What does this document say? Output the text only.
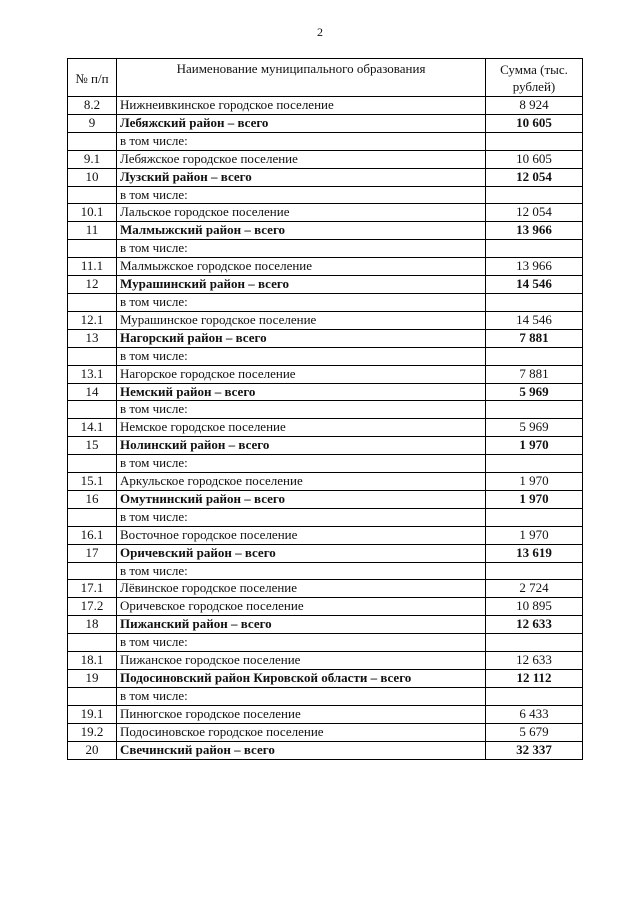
2
№ п/п	Наименование муниципального образования	Сумма (тыс. рублей)
8.2	Нижнеивкинское городское поселение	8 924
9	Лебяжский район – всего	10 605
	в том числе:	
9.1	Лебяжское городское поселение	10 605
10	Лузский район – всего	12 054
	в том числе:	
10.1	Лальское городское поселение	12 054
11	Малмыжский район – всего	13 966
	в том числе:	
11.1	Малмыжское городское поселение	13 966
12	Мурашинский район – всего	14 546
	в том числе:	
12.1	Мурашинское городское поселение	14 546
13	Нагорский район – всего	7 881
	в том числе:	
13.1	Нагорское городское поселение	7 881
14	Немский район – всего	5 969
	в том числе:	
14.1	Немское городское поселение	5 969
15	Нолинский район – всего	1 970
	в том числе:	
15.1	Аркульское городское поселение	1 970
16	Омутнинский район – всего	1 970
	в том числе:	
16.1	Восточное городское поселение	1 970
17	Оричевский район – всего	13 619
	в том числе:	
17.1	Лёвинское городское поселение	2 724
17.2	Оричевское городское поселение	10 895
18	Пижанский район – всего	12 633
	в том числе:	
18.1	Пижанское городское поселение	12 633
19	Подосиновский район Кировской области – всего	12 112
	в том числе:	
19.1	Пинюгское городское поселение	6 433
19.2	Подосиновское городское поселение	5 679
20	Свечинский район – всего	32 337
